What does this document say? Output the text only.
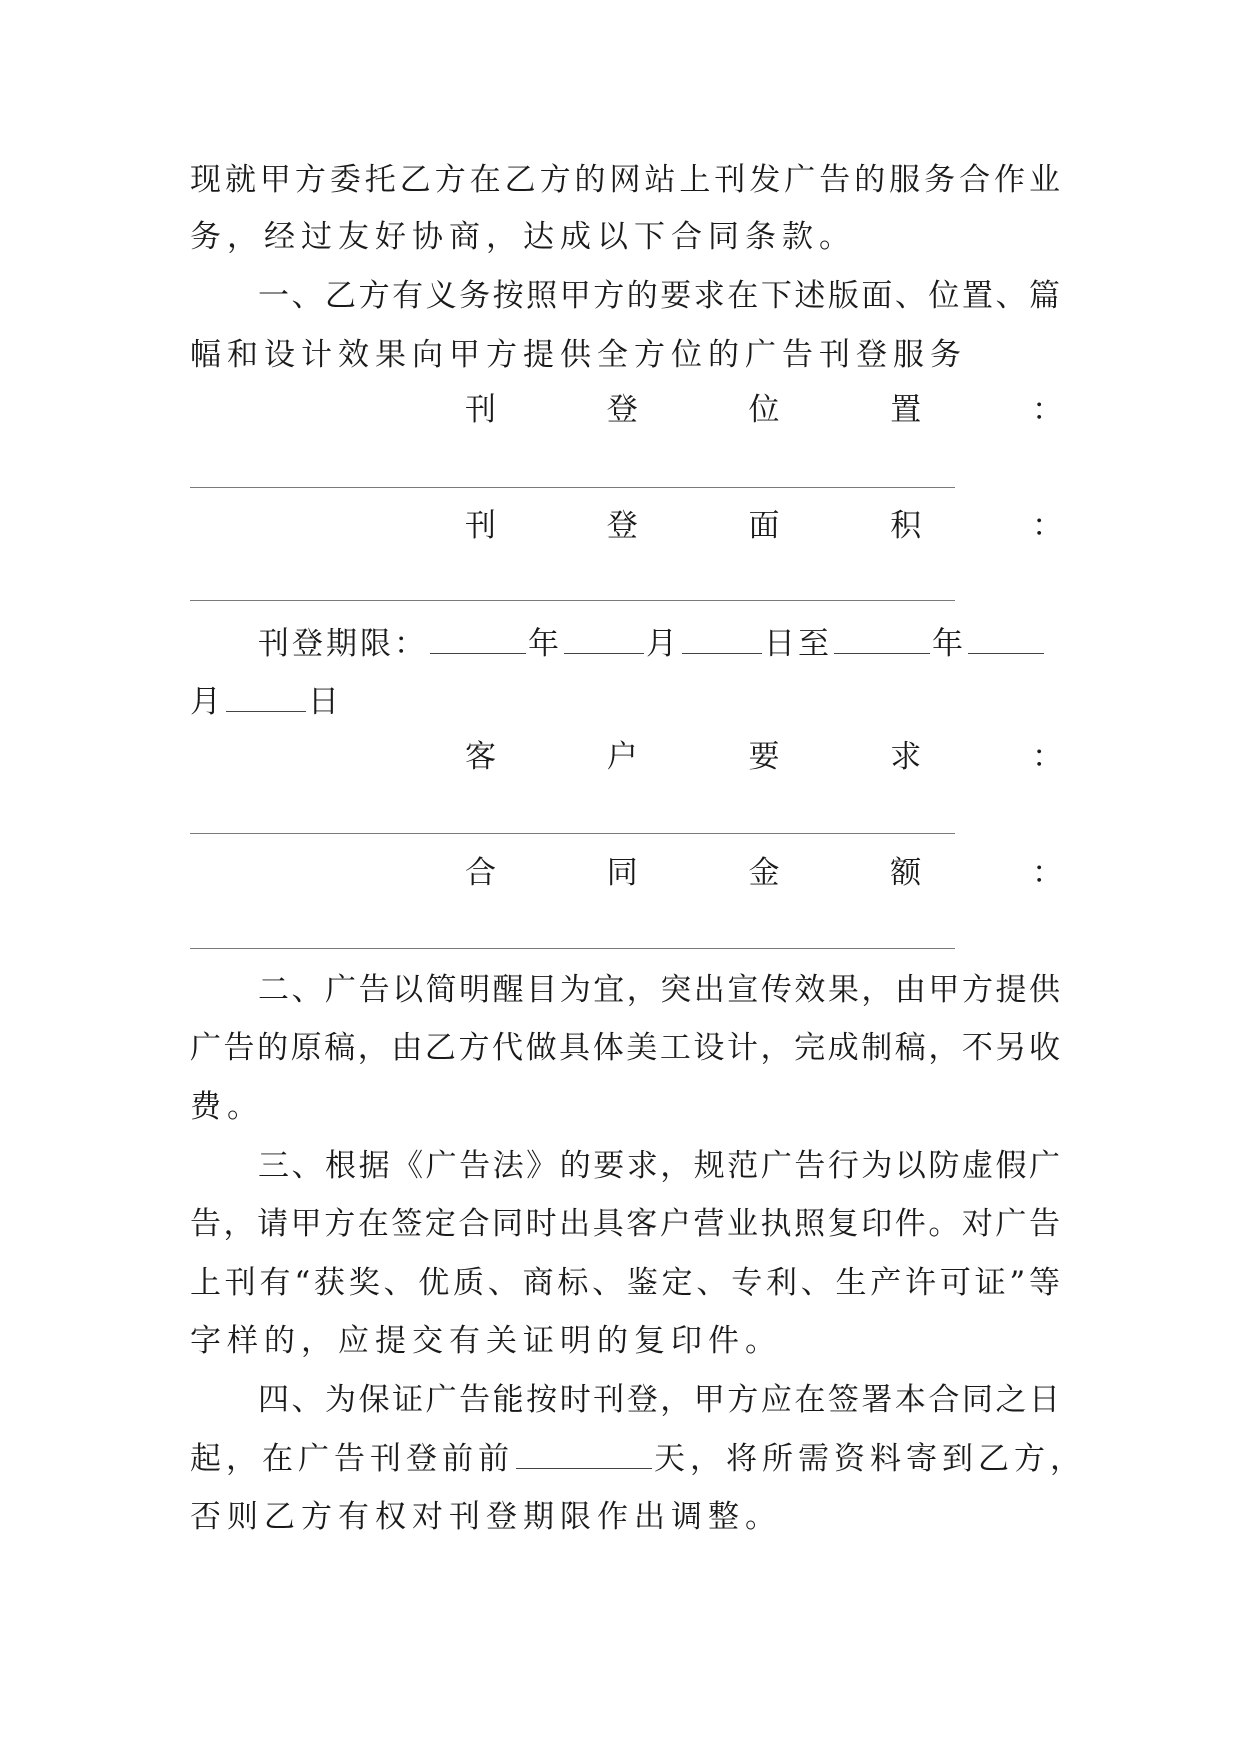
现就甲方委托乙方在乙方的网站上刊发广告的服务合作业
务，经过友好协商，达成以下合同条款。
一、乙方有义务按照甲方的要求在下述版面、位置、篇
幅和设计效果向甲方提供全方位的广告刊登服务
刊	登	位	置	：
刊	登	面	积	：
刊登期限：	年	月	日至	年
月	日
客	户	要	求	：
合	同	金	额	：
二、广告以简明醒目为宜，突出宣传效果，由甲方提供
广告的原稿，由乙方代做具体美工设计，完成制稿，不另收
费。
三、根据《广告法》的要求，规范广告行为以防虚假广
告，请甲方在签定合同时出具客户营业执照复印件。对广告
上刊有“获奖、优质、商标、鉴定、专利、生产许可证”等
字样的，应提交有关证明的复印件。
四、为保证广告能按时刊登，甲方应在签署本合同之日
起，在广告刊登前前	天，将所需资料寄到乙方，
否则乙方有权对刊登期限作出调整。
